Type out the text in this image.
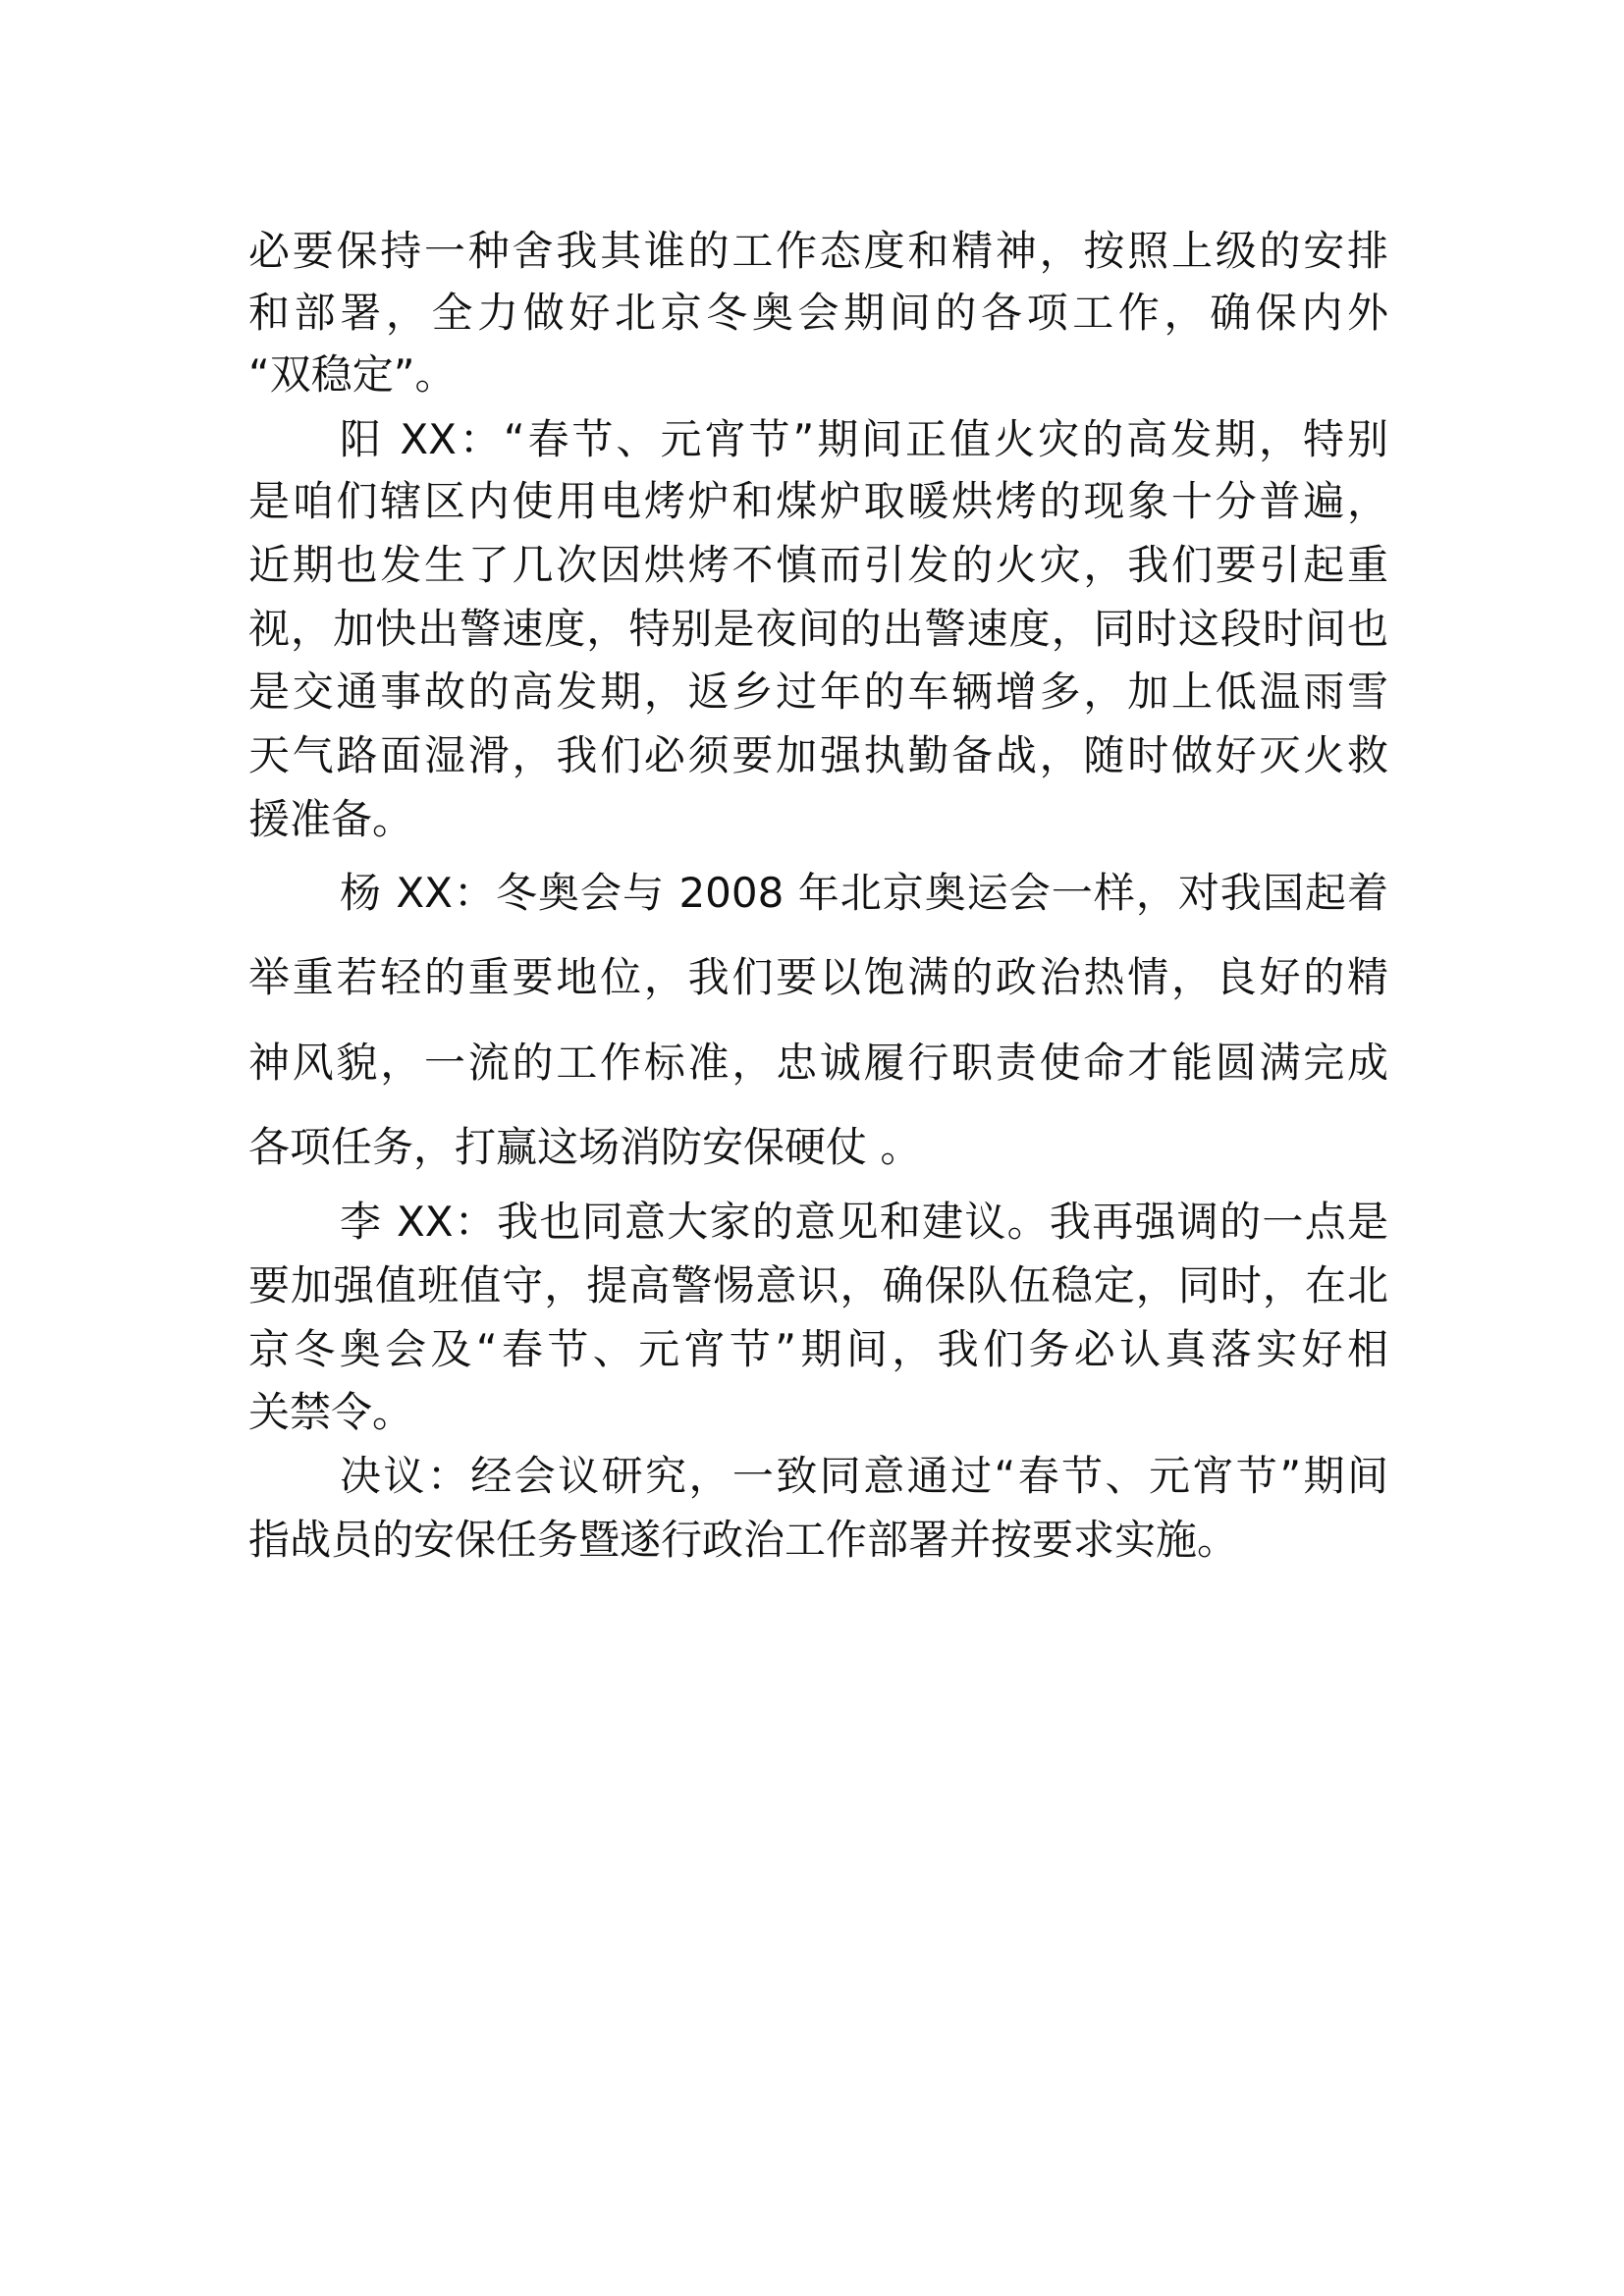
必要保持一种舍我其谁的工作态度和精神，按照上级的安排
和部署，全力做好北京冬奥会期间的各项工作，确保内外
“双稳定”。
阳 XX：“春节、元宵节”期间正值火灾的高发期，特别
是咱们辖区内使用电烤炉和煤炉取暖烘烤的现象十分普遍，
近期也发生了几次因烘烤不慎而引发的火灾，我们要引起重
视，加快出警速度，特别是夜间的出警速度，同时这段时间也
是交通事故的高发期，返乡过年的车辆增多，加上低温雨雪
天气路面湿滑，我们必须要加强执勤备战，随时做好灭火救
援准备。
杨 XX：冬奥会与 2008 年北京奥运会一样，对我国起着
举重若轻的重要地位，我们要以饱满的政治热情，良好的精
神风貌，一流的工作标准，忠诚履行职责使命才能圆满完成
各项任务，打赢这场消防安保硬仗 。
李 XX：我也同意大家的意见和建议。我再强调的一点是
要加强值班值守，提高警惕意识，确保队伍稳定，同时，在北
京冬奥会及“春节、元宵节”期间，我们务必认真落实好相
关禁令。
决议：经会议研究，一致同意通过“春节、元宵节”期间
指战员的安保任务暨遂行政治工作部署并按要求实施。
